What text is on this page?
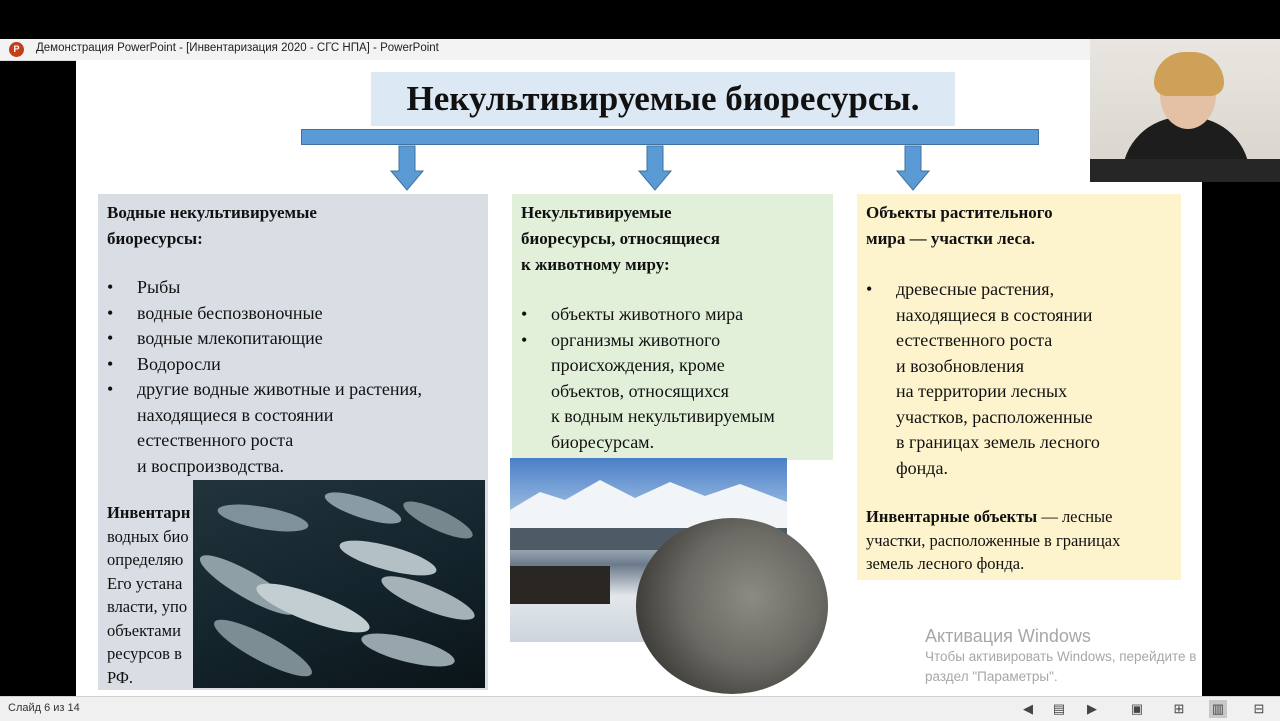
P	Демонстрация PowerPoint - [Инвентаризация 2020 - СГС НПА] - PowerPoint
Некультивируемые биоресурсы.
Водные некультивируемые
биоресурсы:
• Рыбы
• водные беспозвоночные
• водные млекопитающие
• Водоросли
• другие водные животные и растения,
находящиеся в состоянии
естественного роста
и воспроизводства.
Инвентарн
водных био
определяю
Его устана
власти, упо
объектами
ресурсов в
РФ.
Некультивируемые
биоресурсы, относящиеся
к животному миру:
• объекты животного мира
• организмы животного
происхождения, кроме
объектов, относящихся
к водным некультивируемым
биоресурсам.
Объекты растительного
мира — участки леса.
• древесные растения,
находящиеся в состоянии
естественного роста
и возобновления
на территории лесных
участков, расположенные
в границах земель лесного
фонда.
Инвентарные объекты — лесные
участки, расположенные в границах
земель лесного фонда.
Активация Windows
Чтобы активировать Windows, перейдите в
раздел "Параметры".
Слайд 6 из 14	◀	▤	▶	▣ ⊞ ▥ ⊟
